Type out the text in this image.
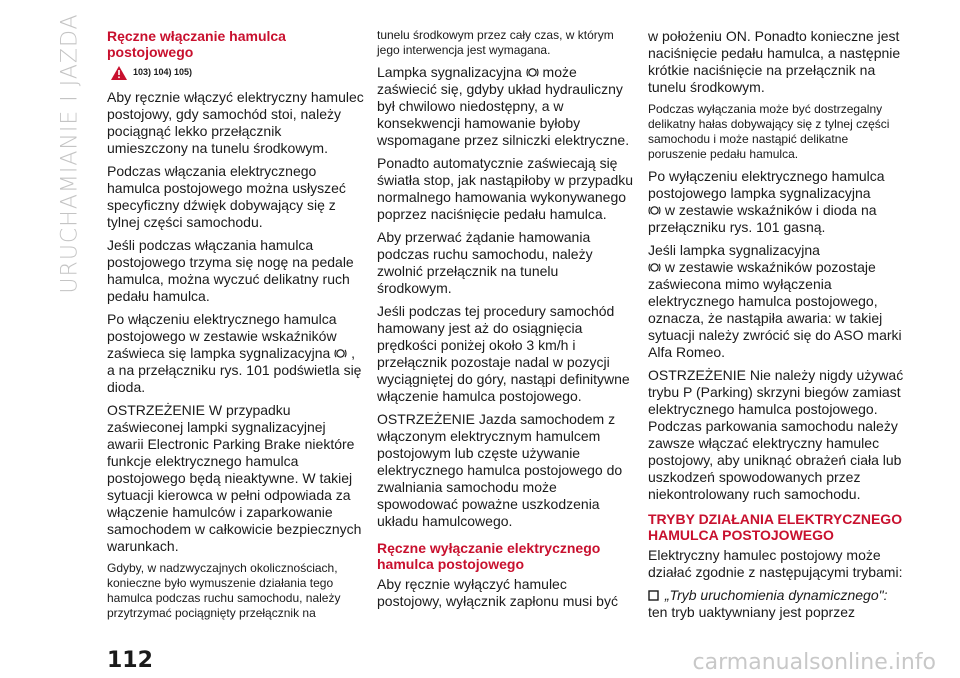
URUCHAMIANIE I JAZDA Ręczne włączanie hamulca postojowego
103) 104) 105)

Aby ręcznie włączyć elektryczny hamulec postojowy, gdy samochód stoi, należy pociągnąć lekko przełącznik umieszczony na tunelu środkowym.

Podczas włączania elektrycznego hamulca postojowego można usłyszeć specyficzny dźwięk dobywający się z tylnej części samochodu.

Jeśli podczas włączania hamulca postojowego trzyma się nogę na pedale hamulca, można wyczuć delikatny ruch pedału hamulca.

Po włączeniu elektrycznego hamulca postojowego w zestawie wskaźników zaświeca się lampka sygnalizacyjna , a na przełączniku rys. 101 podświetla się dioda.

OSTRZEŻENIE W przypadku zaświeconej lampki sygnalizacyjnej awarii Electronic Parking Brake niektóre funkcje elektrycznego hamulca postojowego będą nieaktywne. W takiej sytuacji kierowca w pełni odpowiada za włączenie hamulców i zaparkowanie samochodem w całkowicie bezpiecznych warunkach.

Gdyby, w nadzwyczajnych okolicznościach, konieczne było wymuszenie działania tego hamulca podczas ruchu samochodu, należy przytrzymać pociągnięty przełącznik na

tunelu środkowym przez cały czas, w którym jego interwencja jest wymagana.

Lampka sygnalizacyjna może zaświecić się, gdyby układ hydrauliczny był chwilowo niedostępny, a w konsekwencji hamowanie byłoby wspomagane przez silniczki elektryczne.

Ponadto automatycznie zaświecają się światła stop, jak nastąpiłoby w przypadku normalnego hamowania wykonywanego poprzez naciśnięcie pedału hamulca.

Aby przerwać żądanie hamowania podczas ruchu samochodu, należy zwolnić przełącznik na tunelu środkowym.

Jeśli podczas tej procedury samochód hamowany jest aż do osiągnięcia prędkości poniżej około 3 km/h i przełącznik pozostaje nadal w pozycji wyciągniętej do góry, nastąpi definitywne włączenie hamulca postojowego.

OSTRZEŻENIE Jazda samochodem z włączonym elektrycznym hamulcem postojowym lub częste używanie elektrycznego hamulca postojowego do zwalniania samochodu może spowodować poważne uszkodzenia układu hamulcowego.

Ręczne wyłączanie elektrycznego hamulca postojowego

Aby ręcznie wyłączyć hamulec postojowy, wyłącznik zapłonu musi być

w położeniu ON. Ponadto konieczne jest naciśnięcie pedału hamulca, a następnie krótkie naciśnięcie na przełącznik na tunelu środkowym.

Podczas wyłączania może być dostrzegalny delikatny hałas dobywający się z tylnej części samochodu i może nastąpić delikatne poruszenie pedału hamulca.

Po wyłączeniu elektrycznego hamulca postojowego lampka sygnalizacyjna
w zestawie wskaźników i dioda na przełączniku rys. 101 gasną.

Jeśli lampka sygnalizacyjna
w zestawie wskaźników pozostaje zaświecona mimo wyłączenia elektrycznego hamulca postojowego, oznacza, że nastąpiła awaria: w takiej sytuacji należy zwrócić się do ASO marki Alfa Romeo.

OSTRZEŻENIE Nie należy nigdy używać trybu P (Parking) skrzyni biegów zamiast elektrycznego hamulca postojowego. Podczas parkowania samochodu należy zawsze włączać elektryczny hamulec postojowy, aby uniknąć obrażeń ciała lub uszkodzeń spowodowanych przez niekontrolowany ruch samochodu.

TRYBY DZIAŁANIA ELEKTRYCZNEGO HAMULCA POSTOJOWEGO

Elektryczny hamulec postojowy może działać zgodnie z następującymi trybami:

„Tryb uruchomienia dynamicznego":

ten tryb uaktywniany jest poprzez

112	carmanualsonline.info
